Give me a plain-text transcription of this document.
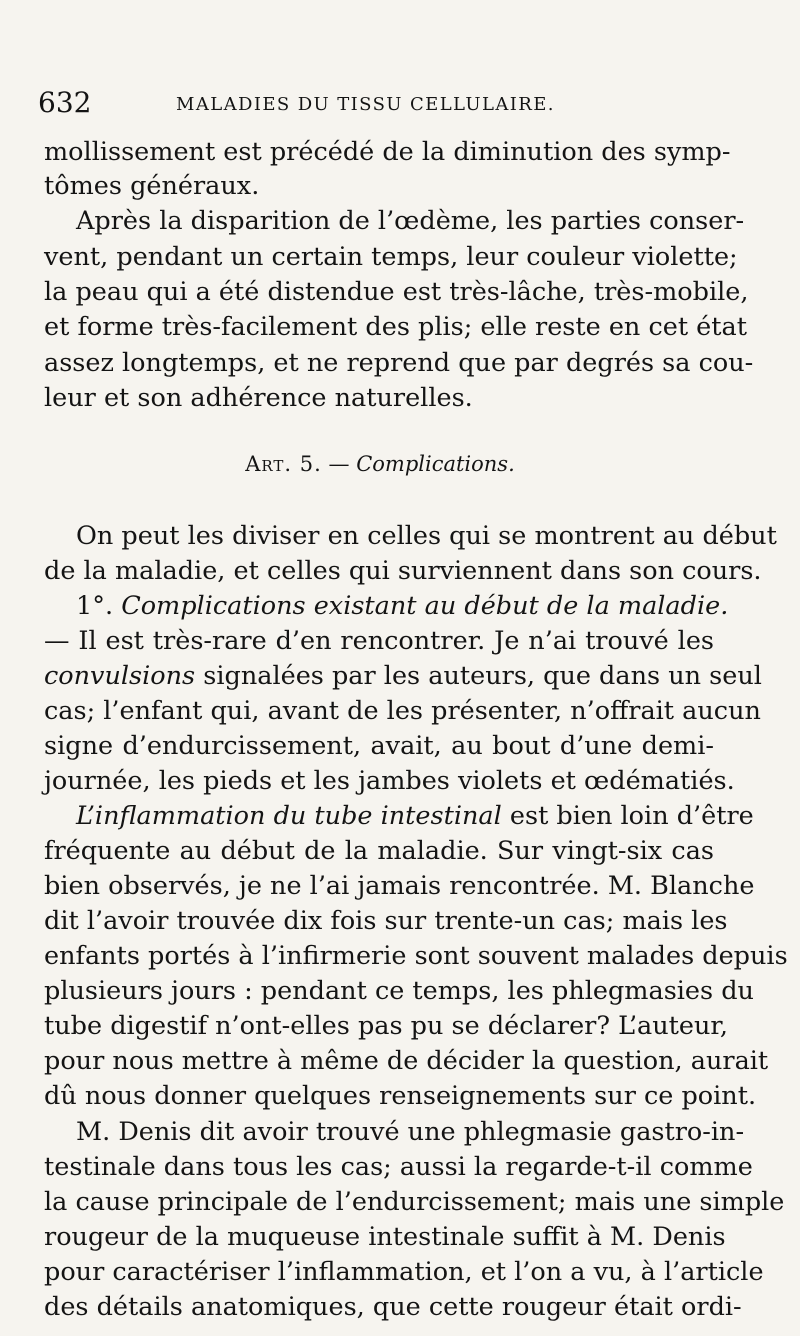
632	MALADIES DU TISSU CELLULAIRE.
Art. 5. — Complications.
mollissement est précédé de la diminution des symp-
tômes généraux.
Après la disparition de l’œdème, les parties conser-
vent, pendant un certain temps, leur couleur violette;
la peau qui a été distendue est très-lâche, très-mobile,
et forme très-facilement des plis; elle reste en cet état
assez longtemps, et ne reprend que par degrés sa cou-
leur et son adhérence naturelles.
On peut les diviser en celles qui se montrent au début
de la maladie, et celles qui surviennent dans son cours.
1°. Complications existant au début de la maladie.
— Il est très-rare d’en rencontrer. Je n’ai trouvé les
convulsions signalées par les auteurs, que dans un seul
cas; l’enfant qui, avant de les présenter, n’offrait aucun
signe d’endurcissement, avait, au bout d’une demi-
journée, les pieds et les jambes violets et œdématiés.
L’inflammation du tube intestinal est bien loin d’être
fréquente au début de la maladie. Sur vingt-six cas
bien observés, je ne l’ai jamais rencontrée. M. Blanche
dit l’avoir trouvée dix fois sur trente-un cas; mais les
enfants portés à l’infirmerie sont souvent malades depuis
plusieurs jours : pendant ce temps, les phlegmasies du
tube digestif n’ont-elles pas pu se déclarer? L’auteur,
pour nous mettre à même de décider la question, aurait
dû nous donner quelques renseignements sur ce point.
M. Denis dit avoir trouvé une phlegmasie gastro-in-
testinale dans tous les cas; aussi la regarde-t-il comme
la cause principale de l’endurcissement; mais une simple
rougeur de la muqueuse intestinale suffit à M. Denis
pour caractériser l’inflammation, et l’on a vu, à l’article
des détails anatomiques, que cette rougeur était ordi-
